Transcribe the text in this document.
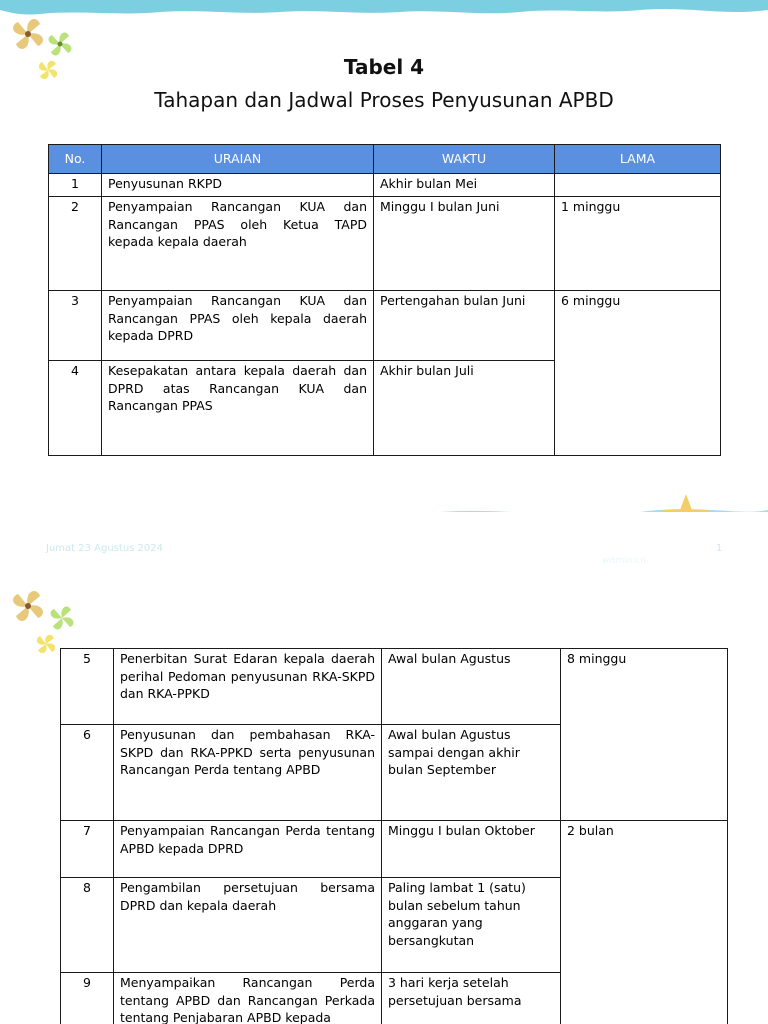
Tabel 4
Tahapan dan Jadwal Proses Penyusunan APBD
No.	URAIAN	WAKTU	LAMA
1	Penyusunan RKPD	Akhir bulan Mei	
2	Penyampaian Rancangan KUA dan Rancangan PPAS oleh Ketua TAPD kepada kepala daerah	Minggu I bulan Juni	1 minggu
3	Penyampaian Rancangan KUA dan Rancangan PPAS oleh kepala daerah kepada DPRD	Pertengahan bulan Juni	6 minggu
4	Kesepakatan antara kepala daerah dan DPRD atas Rancangan KUA dan Rancangan PPAS	Akhir bulan Juli	
Jumat 23 Agustus 2024
witmin.cn
1
5	Penerbitan Surat Edaran kepala daerah perihal Pedoman penyusunan RKA-SKPD dan RKA-PPKD	Awal bulan Agustus	8 minggu
6	Penyusunan dan pembahasan RKA-SKPD dan RKA-PPKD serta penyusunan Rancangan Perda tentang APBD	Awal bulan Agustus sampai dengan akhir bulan September	
7	Penyampaian Rancangan Perda tentang APBD kepada DPRD	Minggu I bulan Oktober	2 bulan
8	Pengambilan persetujuan bersama DPRD dan kepala daerah	Paling lambat 1 (satu) bulan sebelum tahun anggaran yang bersangkutan	
9	Menyampaikan Rancangan Perda tentang APBD dan Rancangan Perkada tentang Penjabaran APBD kepada	3 hari kerja setelah persetujuan bersama	
